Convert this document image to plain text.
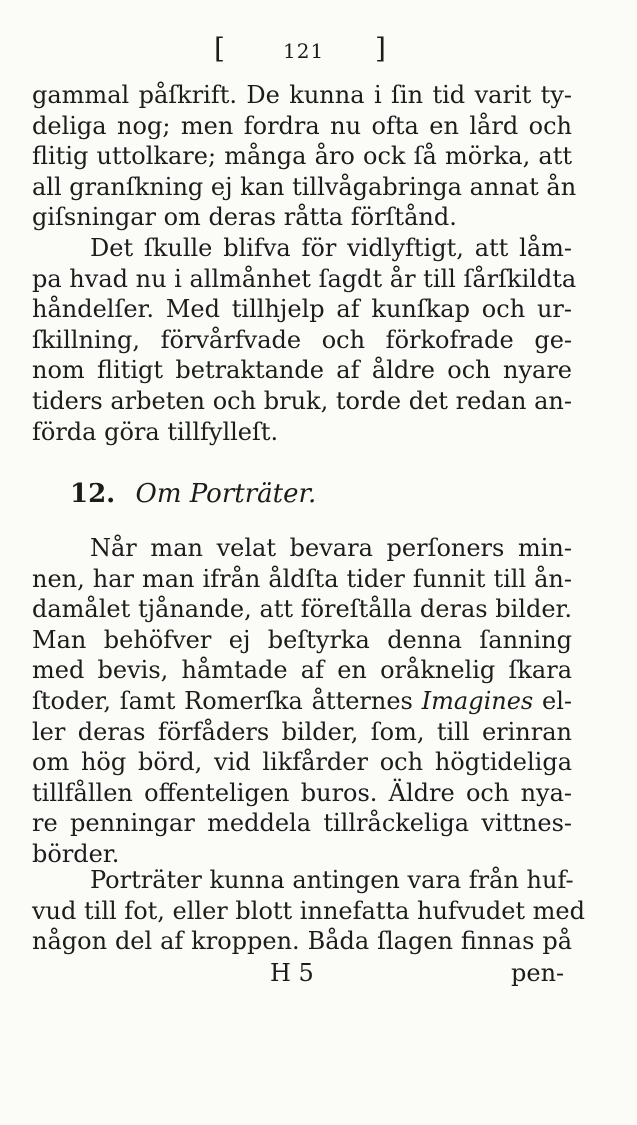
[	121 ]
gammal påſkrift. De kunna i ſin tid varit ty-
deliga nog; men fordra nu ofta en lård och
flitig uttolkare; många åro ock ſå mörka, att
all granſkning ej kan tillvågabringa annat ån
giſsningar om deras råtta förſtånd.
Det ſkulle blifva för vidlyftigt, att låm-
pa hvad nu i allmånhet ſagdt år till ſårſkildta
håndelſer. Med tillhjelp af kunſkap och ur-
ſkillning, förvårfvade och förkofrade ge-
nom flitigt betraktande af åldre och nyare
tiders arbeten och bruk, torde det redan an-
förda göra tillfylleſt.
12. Om Porträter.
Når man velat bevara perſoners min-
nen, har man ifrån åldſta tider funnit till ån-
damålet tjånande, att föreſtålla deras bilder.
Man behöfver ej beſtyrka denna ſanning
med bevis, håmtade af en oråknelig ſkara
ſtoder, ſamt Romerſka åtternes Imagines el-
ler deras förfåders bilder, ſom, till erinran
om hög börd, vid likfårder och högtideliga
tillfållen offenteligen buros. Äldre och nya-
re penningar meddela tillråckeliga vittnes-
börder.
Porträter kunna antingen vara från huf-
vud till fot, eller blott innefatta hufvudet med
någon del af kroppen. Båda ſlagen finnas på
H 5	pen-
